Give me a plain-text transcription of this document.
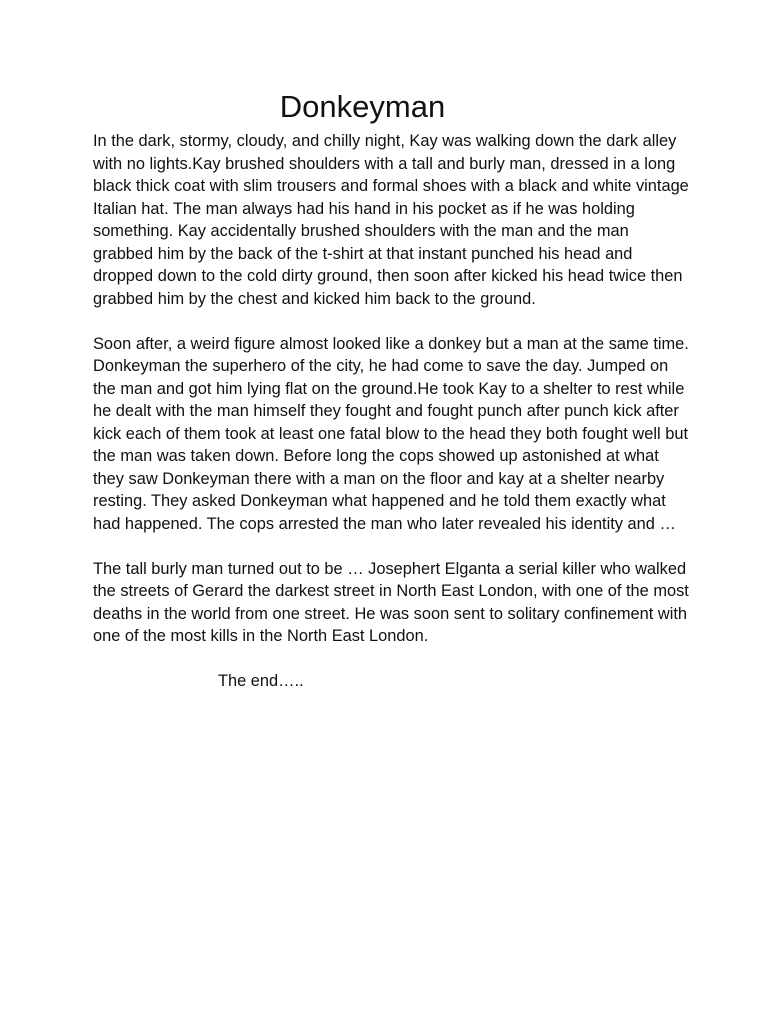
Donkeyman

In the dark, stormy, cloudy, and chilly night, Kay was walking down the dark alley with no lights.Kay brushed shoulders with a tall and burly man, dressed in a long black thick coat with slim trousers and formal shoes with a black and white vintage Italian hat. The man always had his hand in his pocket as if he was holding something. Kay accidentally brushed shoulders with the man and the man grabbed him by the back of the t-shirt at that instant punched his head and dropped down to the cold dirty ground, then soon after kicked his head twice then grabbed him by the chest and kicked him back to the ground.

Soon after, a weird figure almost looked like a donkey but a man at the same time. Donkeyman the superhero of the city, he had come to save the day. Jumped on the man and got him lying flat on the ground.He took Kay to a shelter to rest while he dealt with the man himself they fought and fought punch after punch kick after kick each of them took at least one fatal blow to the head they both fought well but the man was taken down. Before long the cops showed up astonished at what they saw Donkeyman there with a man on the floor and kay at a shelter nearby resting. They asked Donkeyman what happened and he told them exactly what had happened. The cops arrested the man who later revealed his identity and …

The tall burly man turned out to be … Josephert Elganta a serial killer who walked the streets of Gerard the darkest street in North East London, with one of the most deaths in the world from one street. He was soon sent to solitary confinement with one of the most kills in the North East London.

The end…..
